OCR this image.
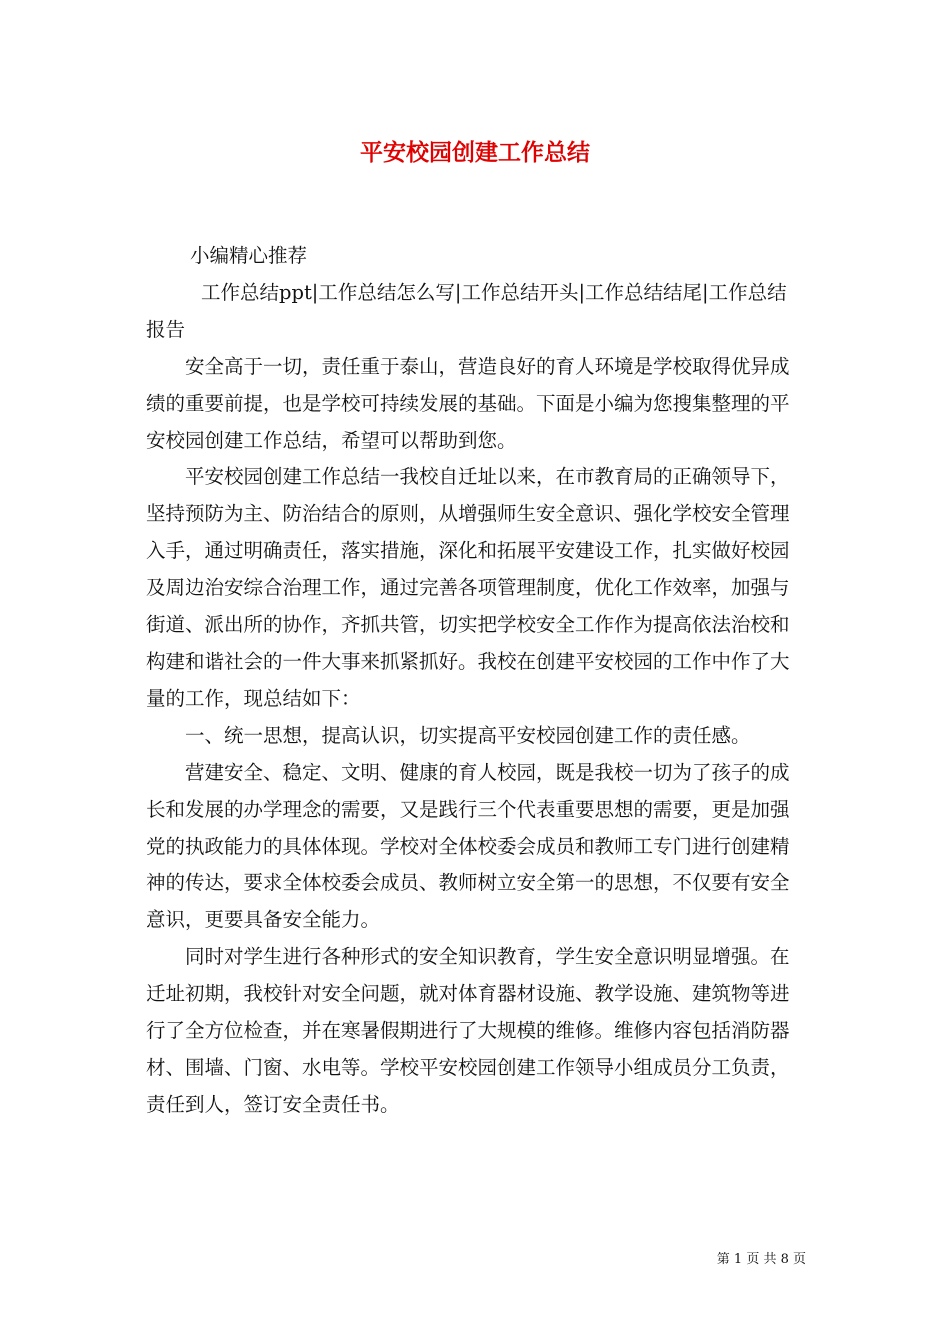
平安校园创建工作总结

小编精心推荐

工作总结ppt|工作总结怎么写|工作总结开头|工作总结结尾|工作总结报告

安全高于一切，责任重于泰山，营造良好的育人环境是学校取得优异成绩的重要前提，也是学校可持续发展的基础。下面是小编为您搜集整理的平安校园创建工作总结，希望可以帮助到您。

平安校园创建工作总结一我校自迁址以来，在市教育局的正确领导下，坚持预防为主、防治结合的原则，从增强师生安全意识、强化学校安全管理入手，通过明确责任，落实措施，深化和拓展平安建设工作，扎实做好校园及周边治安综合治理工作，通过完善各项管理制度，优化工作效率，加强与街道、派出所的协作，齐抓共管，切实把学校安全工作作为提高依法治校和构建和谐社会的一件大事来抓紧抓好。我校在创建平安校园的工作中作了大量的工作，现总结如下：

一、统一思想，提高认识，切实提高平安校园创建工作的责任感。

营建安全、稳定、文明、健康的育人校园，既是我校一切为了孩子的成长和发展的办学理念的需要，又是践行三个代表重要思想的需要，更是加强党的执政能力的具体体现。学校对全体校委会成员和教师工专门进行创建精神的传达，要求全体校委会成员、教师树立安全第一的思想，不仅要有安全意识，更要具备安全能力。

同时对学生进行各种形式的安全知识教育，学生安全意识明显增强。在迁址初期，我校针对安全问题，就对体育器材设施、教学设施、建筑物等进行了全方位检查，并在寒暑假期进行了大规模的维修。维修内容包括消防器材、围墙、门窗、水电等。学校平安校园创建工作领导小组成员分工负责，责任到人，签订安全责任书。

第 1 页 共 8 页
